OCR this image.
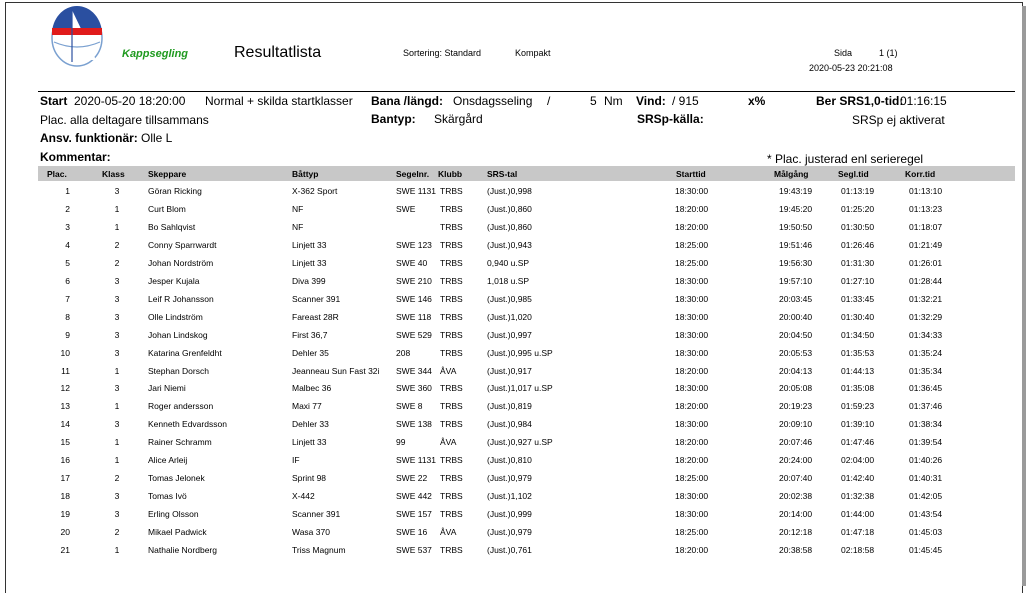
Kappsegling	Resultatlista	Sortering: Standard	Kompakt	Sida	1 (1)
2020-05-23 20:21:08
Start 2020-05-20 18:20:00 Normal + skilda startklasser Bana /längd: Onsdagsseling /	5 Nm Vind: / 915	x%	Ber SRS1,0-tid:
01:16:15
Plac. alla deltagare tillsammans	Bantyp: Skärgård	SRSp-källa:	SRSp ej aktiverat
Ansv. funktionär: Olle L
Kommentar:	* Plac. justerad enl serieregel
Plac.	Klass	Skeppare	Båttyp	Segelnr. Klubb	SRS-tal	Starttid	Målgång	Segl.tid	Korr.tid
1	3	Göran Ricking	X-362 Sport	SWE 1131 TRBS	(Just.)0,998	18:30:00	19:43:19	01:13:19	01:13:10
2	1	Curt Blom	NF	SWE	TRBS	(Just.)0,860	18:20:00	19:45:20	01:25:20	01:13:23
3	1	Bo Sahlqvist	NF	TRBS	(Just.)0,860	18:20:00	19:50:50	01:30:50	01:18:07
4	2	Conny Sparrwardt	Linjett 33	SWE 123 TRBS	(Just.)0,943	18:25:00	19:51:46	01:26:46	01:21:49
5	2	Johan Nordström	Linjett 33	SWE 40	TRBS	0,940 u.SP	18:25:00	19:56:30	01:31:30	01:26:01
6	3	Jesper Kujala	Diva 399	SWE 210 TRBS	1,018 u.SP	18:30:00	19:57:10	01:27:10	01:28:44
7	3	Leif R Johansson	Scanner 391	SWE 146 TRBS	(Just.)0,985	18:30:00	20:03:45	01:33:45	01:32:21
8	3	Olle Lindström	Fareast 28R	SWE 118	TRBS	(Just.)1,020	18:30:00	20:00:40	01:30:40	01:32:29
9	3	Johan Lindskog	First 36,7	SWE 529 TRBS	(Just.)0,997	18:30:00	20:04:50	01:34:50	01:34:33
10	3	Katarina Grenfeldht	Dehler 35	208	TRBS	(Just.)0,995 u.SP	18:30:00	20:05:53	01:35:53	01:35:24
11	1	Stephan Dorsch	Jeanneau Sun Fast 32i SWE 344 ÅVA	(Just.)0,917	18:20:00	20:04:13	01:44:13	01:35:34
12	3	Jari Niemi	Malbec 36	SWE 360 TRBS	(Just.)1,017 u.SP	18:30:00	20:05:08	01:35:08	01:36:45
13	1	Roger andersson	Maxi 77	SWE 8	TRBS	(Just.)0,819	18:20:00	20:19:23	01:59:23	01:37:46
14	3	Kenneth Edvardsson	Dehler 33	SWE 138 TRBS	(Just.)0,984	18:30:00	20:09:10	01:39:10	01:38:34
15	1	Rainer Schramm	Linjett 33	99	ÅVA	(Just.)0,927 u.SP	18:20:00	20:07:46	01:47:46	01:39:54
16	1	Alice Arleij	IF	SWE 1131 TRBS	(Just.)0,810	18:20:00	20:24:00	02:04:00	01:40:26
17	2	Tomas Jelonek	Sprint 98	SWE 22	TRBS	(Just.)0,979	18:25:00	20:07:40	01:42:40	01:40:31
18	3	Tomas Ivö	X-442	SWE 442 TRBS	(Just.)1,102	18:30:00	20:02:38	01:32:38	01:42:05
19	3	Erling Olsson	Scanner 391	SWE 157 TRBS	(Just.)0,999	18:30:00	20:14:00	01:44:00	01:43:54
20	2	Mikael Padwick	Wasa 370	SWE 16	ÅVA	(Just.)0,979	18:25:00	20:12:18	01:47:18	01:45:03
21	1	Nathalie Nordberg	Triss Magnum	SWE 537 TRBS	(Just.)0,761	18:20:00	20:38:58	02:18:58	01:45:45
